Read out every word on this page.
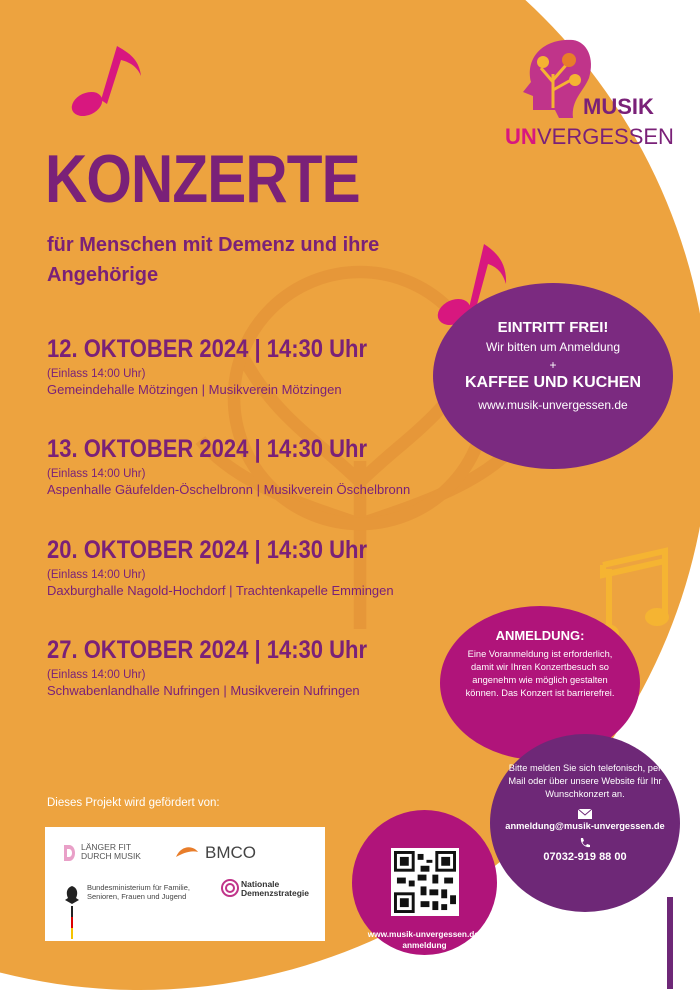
MUSIK
UN VERGESSEN
KONZERTE
für Menschen mit Demenz und ihre Angehörige
12. OKTOBER 2024 | 14:30 Uhr
(Einlass 14:00 Uhr)
Gemeindehalle Mötzingen | Musikverein Mötzingen
13. OKTOBER 2024 | 14:30 Uhr
(Einlass 14:00 Uhr)
Aspenhalle Gäufelden-Öschelbronn | Musikverein Öschelbronn
20. OKTOBER 2024 | 14:30 Uhr
(Einlass 14:00 Uhr)
Daxburghalle Nagold-Hochdorf | Trachtenkapelle Emmingen
27. OKTOBER 2024 | 14:30 Uhr
(Einlass 14:00 Uhr)
Schwabenlandhalle Nufringen | Musikverein Nufringen
EINTRITT FREI!
Wir bitten um Anmeldung
+
KAFFEE UND KUCHEN
www.musik-unvergessen.de
ANMELDUNG:
Eine Voranmeldung ist erforderlich, damit wir Ihren Konzertbesuch so angenehm wie möglich gestalten können. Das Konzert ist barrierefrei.
Bitte melden Sie sich telefonisch, per Mail oder über unsere Website für Ihr Wunschkonzert an.
anmeldung@musik-unvergessen.de
07032-919 88 00
www.musik-unvergessen.de/ anmeldung
Dieses Projekt wird gefördert von:
LÄNGER FIT
DURCH MUSIK	BMCO
Bundesministerium für Familie, Senioren, Frauen und Jugend
Nationale
Demenzstrategie
